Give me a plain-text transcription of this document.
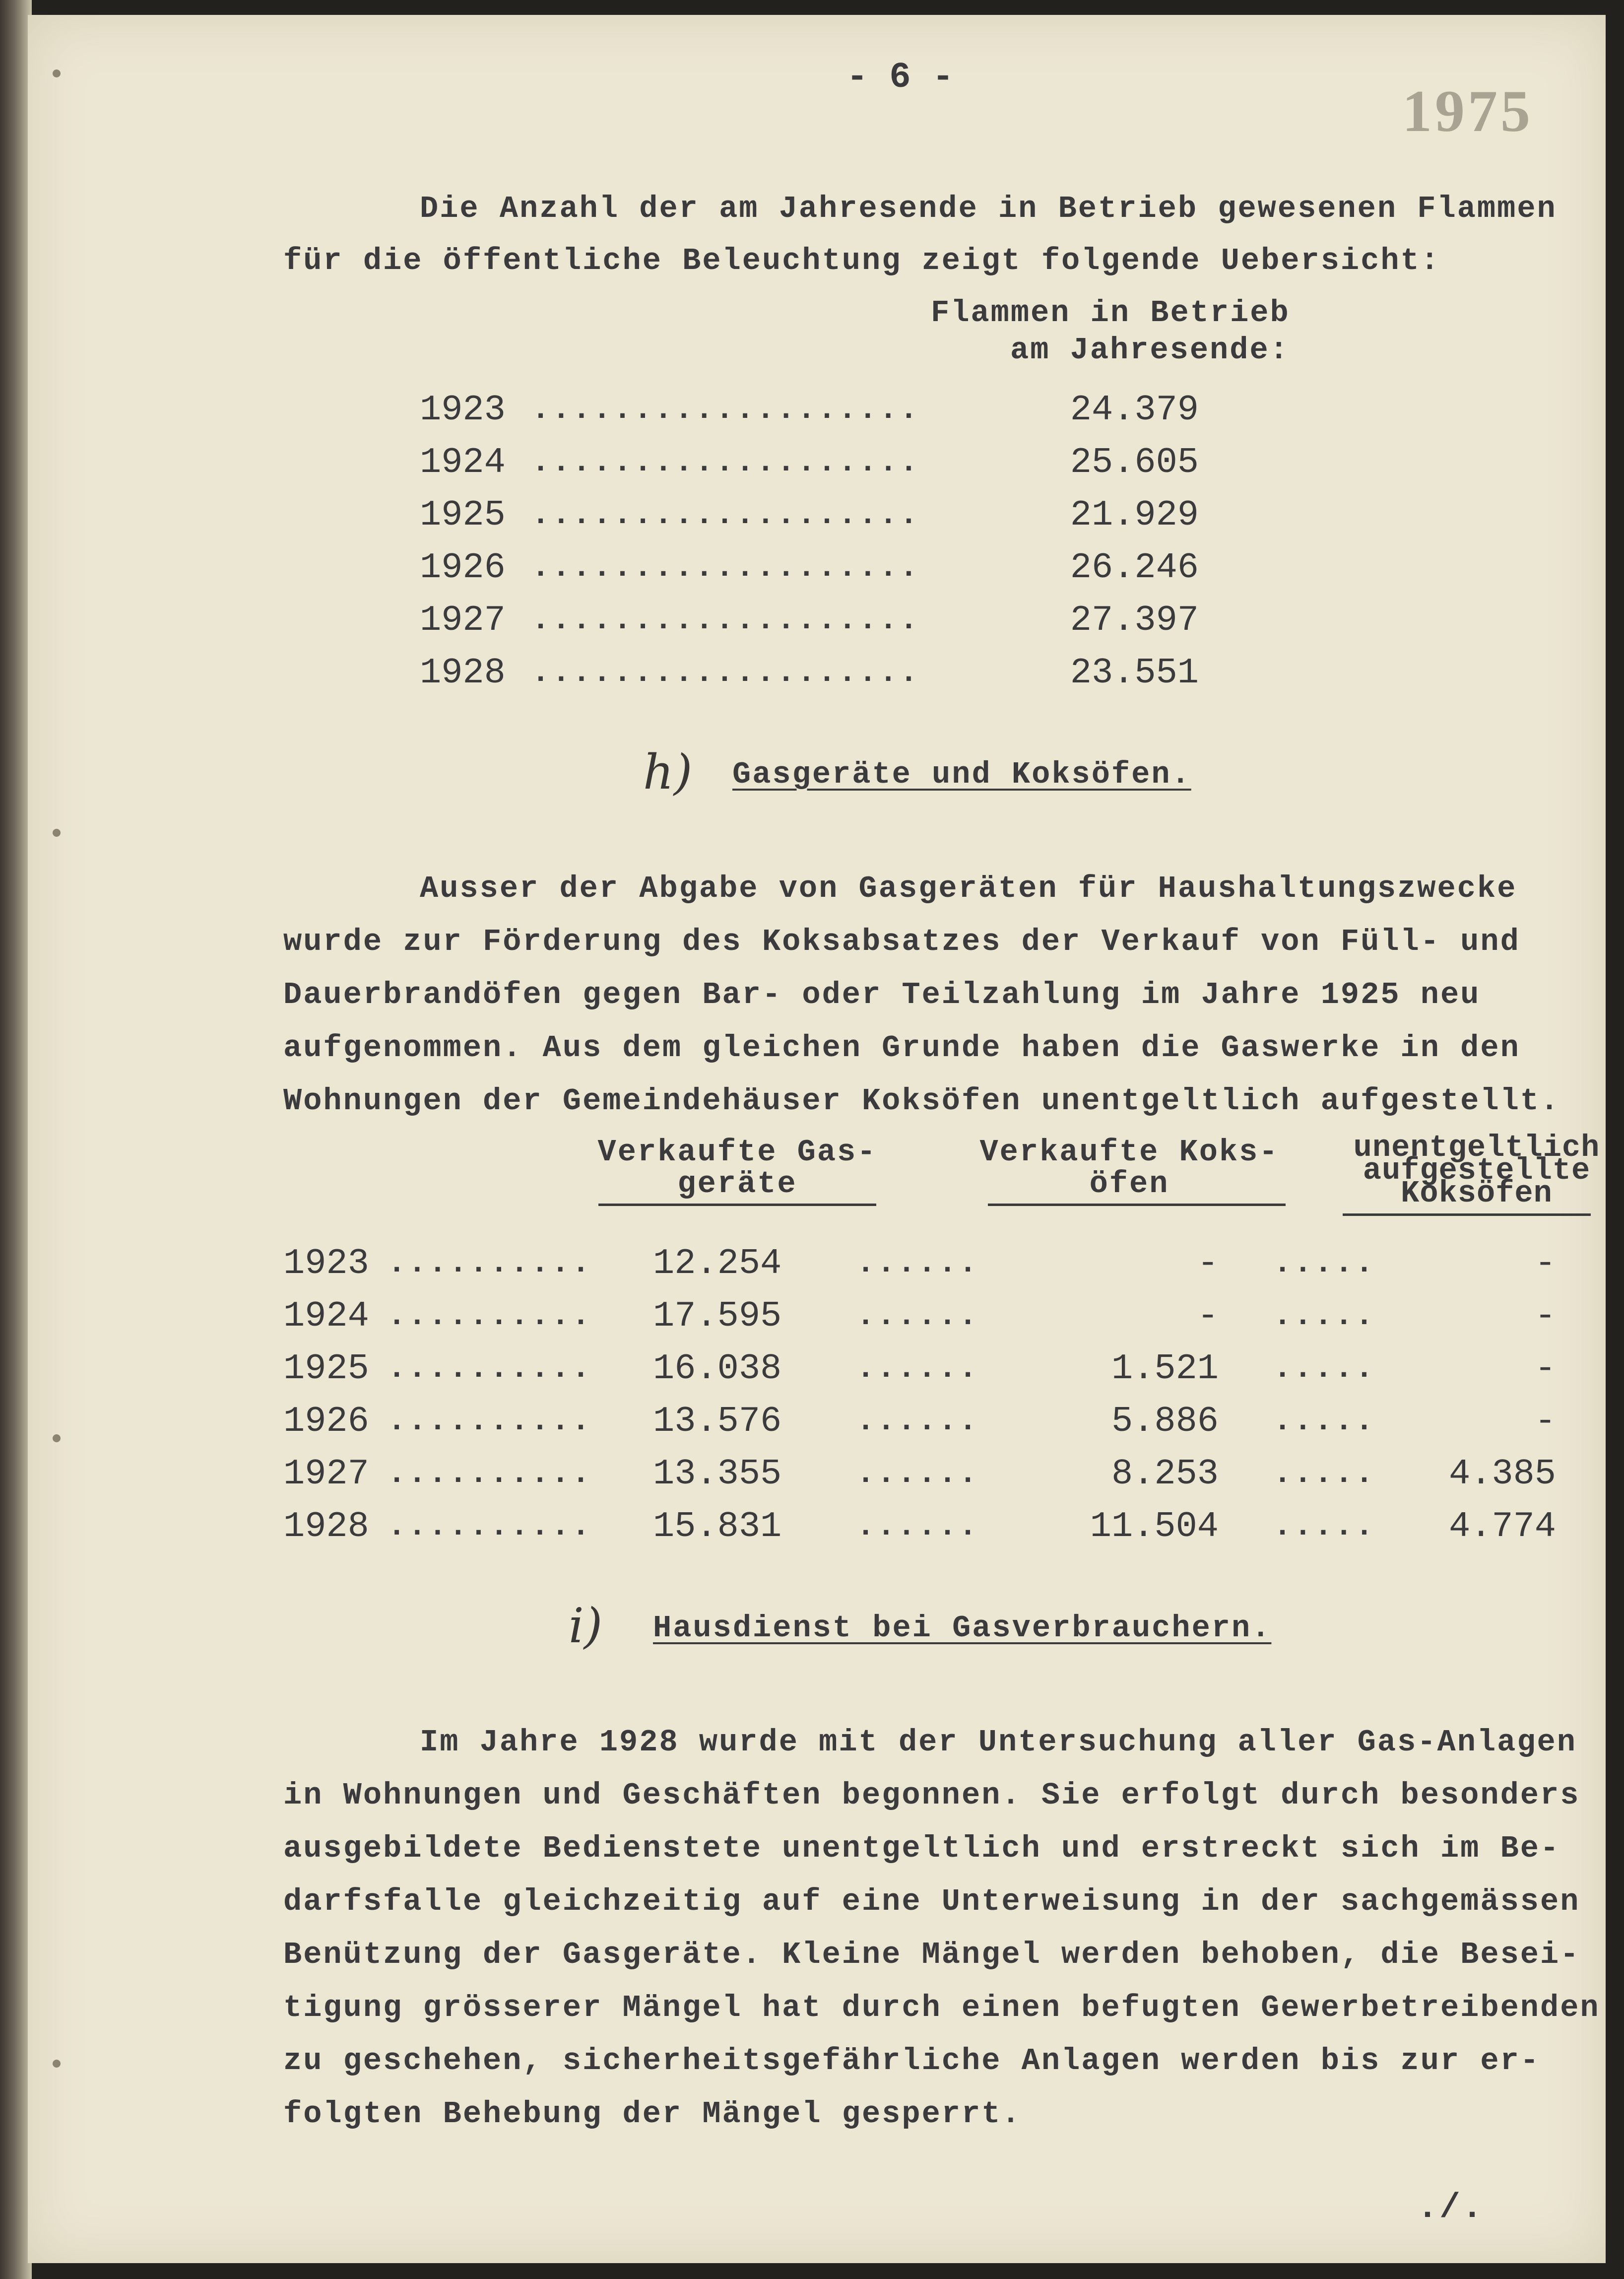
- 6 -
1975
Die Anzahl der am Jahresende in Betrieb gewesenen Flammen
für die öffentliche Beleuchtung zeigt folgende Uebersicht:
Flammen in Betrieb
am Jahresende:
1923 ...................	24.379
1924 ...................	25.605
1925 ...................	21.929
1926 ...................	26.246
1927 ...................	27.397
1928 ...................	23.551
h) Gasgeräte und Koksöfen.
Ausser der Abgabe von Gasgeräten für Haushaltungszwecke
wurde zur Förderung des Koksabsatzes der Verkauf von Füll- und
Dauerbrandöfen gegen Bar- oder Teilzahlung im Jahre 1925 neu
aufgenommen. Aus dem gleichen Grunde haben die Gaswerke in den
Wohnungen der Gemeindehäuser Koksöfen unentgeltlich aufgestellt.
Verkaufte Gas- geräte
Verkaufte Koks- öfen
unentgeltlich aufgestellte Koksöfen
1923 .......... 12.254 ......	- .....	-
1924 .......... 17.595 ......	- .....	-
1925 .......... 16.038 ......	1.521 .....	-
1926 .......... 13.576 ......	5.886 .....	-
1927 .......... 13.355 ......	8.253 .....	4.385
1928 .......... 15.831 ......	11.504 .....	4.774
i) Hausdienst bei Gasverbrauchern.
Im Jahre 1928 wurde mit der Untersuchung aller Gas-Anlagen
in Wohnungen und Geschäften begonnen. Sie erfolgt durch besonders
ausgebildete Bedienstete unentgeltlich und erstreckt sich im Be-
darfsfalle gleichzeitig auf eine Unterweisung in der sachgemässen
Benützung der Gasgeräte. Kleine Mängel werden behoben, die Besei-
tigung grösserer Mängel hat durch einen befugten Gewerbetreibenden
zu geschehen, sicherheitsgefährliche Anlagen werden bis zur er-
folgten Behebung der Mängel gesperrt.
./.
